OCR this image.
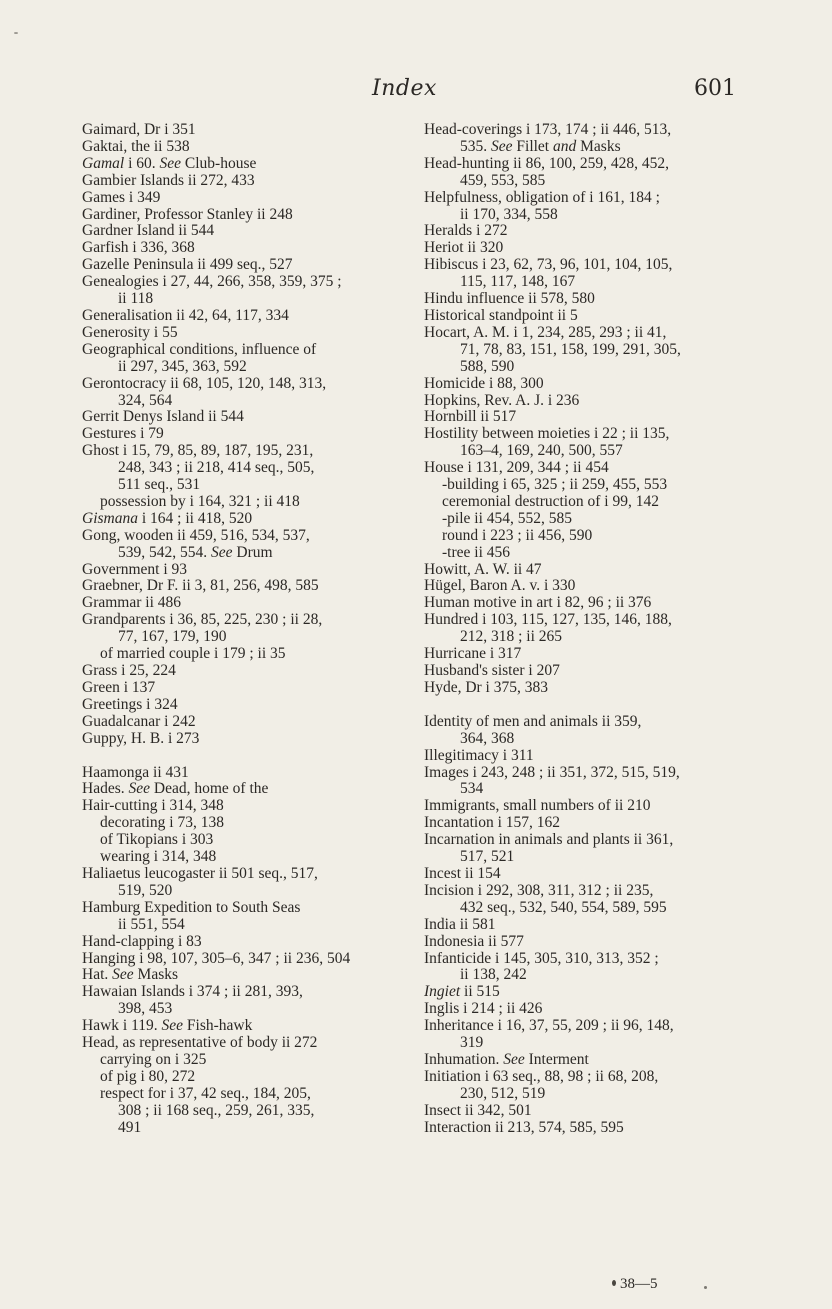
Index	601
Gaimard, Dr i 351
Gaktai, the ii 538
Gamal i 60. See Club-house
Gambier Islands ii 272, 433
Games i 349
Gardiner, Professor Stanley ii 248
Gardner Island ii 544
Garfish i 336, 368
Gazelle Peninsula ii 499 seq., 527
Genealogies i 27, 44, 266, 358, 359, 375 ;
ii 118
Generalisation ii 42, 64, 117, 334
Generosity i 55
Geographical conditions, influence of
ii 297, 345, 363, 592
Gerontocracy ii 68, 105, 120, 148, 313,
324, 564
Gerrit Denys Island ii 544
Gestures i 79
Ghost i 15, 79, 85, 89, 187, 195, 231,
248, 343 ; ii 218, 414 seq., 505,
511 seq., 531
possession by i 164, 321 ; ii 418
Gismana i 164 ; ii 418, 520
Gong, wooden ii 459, 516, 534, 537,
539, 542, 554. See Drum
Government i 93
Graebner, Dr F. ii 3, 81, 256, 498, 585
Grammar ii 486
Grandparents i 36, 85, 225, 230 ; ii 28,
77, 167, 179, 190
of married couple i 179 ; ii 35
Grass i 25, 224
Green i 137
Greetings i 324
Guadalcanar i 242
Guppy, H. B. i 273
Haamonga ii 431
Hades. See Dead, home of the
Hair-cutting i 314, 348
decorating i 73, 138
of Tikopians i 303
wearing i 314, 348
Haliaetus leucogaster ii 501 seq., 517,
519, 520
Hamburg Expedition to South Seas
ii 551, 554
Hand-clapping i 83
Hanging i 98, 107, 305–6, 347 ; ii 236, 504
Hat. See Masks
Hawaian Islands i 374 ; ii 281, 393,
398, 453
Hawk i 119. See Fish-hawk
Head, as representative of body ii 272
carrying on i 325
of pig i 80, 272
respect for i 37, 42 seq., 184, 205,
308 ; ii 168 seq., 259, 261, 335,
491
Head-coverings i 173, 174 ; ii 446, 513,
535. See Fillet and Masks
Head-hunting ii 86, 100, 259, 428, 452,
459, 553, 585
Helpfulness, obligation of i 161, 184 ;
ii 170, 334, 558
Heralds i 272
Heriot ii 320
Hibiscus i 23, 62, 73, 96, 101, 104, 105,
115, 117, 148, 167
Hindu influence ii 578, 580
Historical standpoint ii 5
Hocart, A. M. i 1, 234, 285, 293 ; ii 41,
71, 78, 83, 151, 158, 199, 291, 305,
588, 590
Homicide i 88, 300
Hopkins, Rev. A. J. i 236
Hornbill ii 517
Hostility between moieties i 22 ; ii 135,
163–4, 169, 240, 500, 557
House i 131, 209, 344 ; ii 454
-building i 65, 325 ; ii 259, 455, 553
ceremonial destruction of i 99, 142
-pile ii 454, 552, 585
round i 223 ; ii 456, 590
-tree ii 456
Howitt, A. W. ii 47
Hügel, Baron A. v. i 330
Human motive in art i 82, 96 ; ii 376
Hundred i 103, 115, 127, 135, 146, 188,
212, 318 ; ii 265
Hurricane i 317
Husband's sister i 207
Hyde, Dr i 375, 383
Identity of men and animals ii 359,
364, 368
Illegitimacy i 311
Images i 243, 248 ; ii 351, 372, 515, 519,
534
Immigrants, small numbers of ii 210
Incantation i 157, 162
Incarnation in animals and plants ii 361,
517, 521
Incest ii 154
Incision i 292, 308, 311, 312 ; ii 235,
432 seq., 532, 540, 554, 589, 595
India ii 581
Indonesia ii 577
Infanticide i 145, 305, 310, 313, 352 ;
ii 138, 242
Ingiet ii 515
Inglis i 214 ; ii 426
Inheritance i 16, 37, 55, 209 ; ii 96, 148,
319
Inhumation. See Interment
Initiation i 63 seq., 88, 98 ; ii 68, 208,
230, 512, 519
Insect ii 342, 501
Interaction ii 213, 574, 585, 595
38—5
